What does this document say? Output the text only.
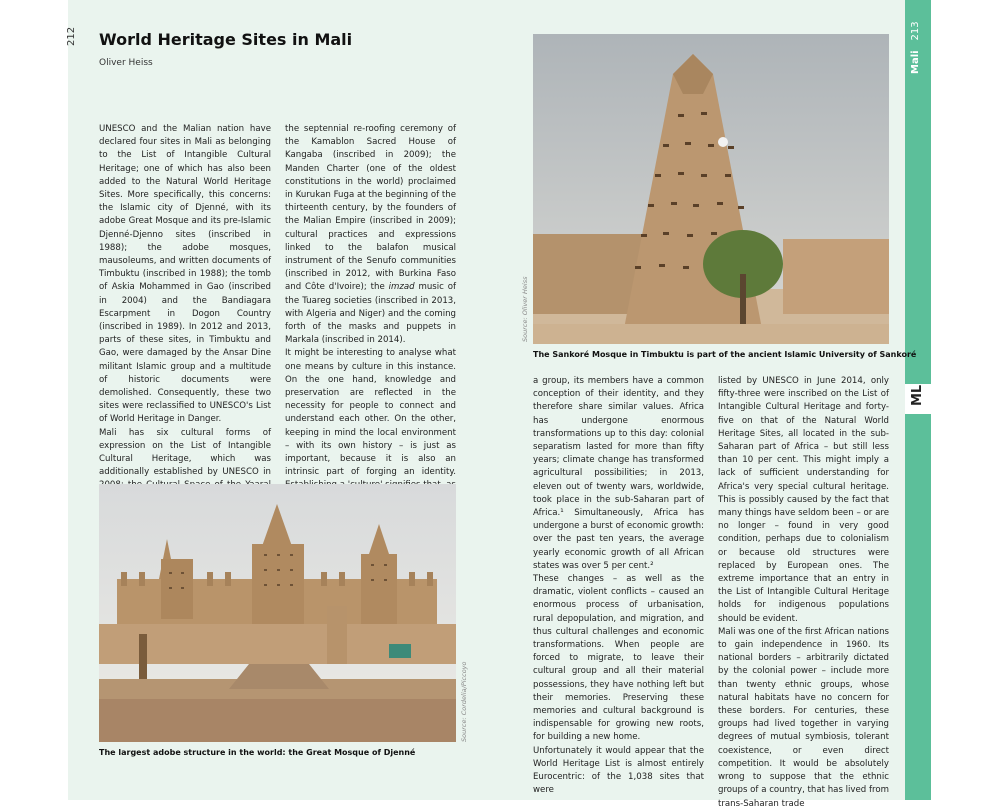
212
Mali213
ML
World Heritage Sites in Mali
Oliver Heiss

UNESCO and the Malian nation have declared four sites in Mali as belonging to the List of Intangible Cultural Heritage; one of which has also been added to the Natural World Heritage Sites. More specifically, this concerns: the Islamic city of Djenné, with its adobe Great Mosque and its pre-Islamic Djenné-Djenno sites (inscribed in 1988); the adobe mosques, mausoleums, and written documents of Timbuktu (inscribed in 1988); the tomb of Askia Mohammed in Gao (inscribed in 2004) and the Bandiagara Escarpment in Dogon Country (inscribed in 1989). In 2012 and 2013, parts of these sites, in Timbuktu and Gao, were damaged by the Ansar Dine militant Islamic group and a multitude of historic documents were demolished. Consequently, these two sites were reclassified to UNESCO's List of World Heritage in Danger.

Mali has six cultural forms of expression on the List of Intangible Cultural Heritage, which was additionally established by UNESCO in

the septennial re-roofing ceremony of the Kamablon Sacred House of Kangaba (inscribed in 2009); the Manden Charter (one of the oldest constitutions in the world) proclaimed in Kurukan Fuga at the beginning of the thirteenth century, by the founders of the Malian Empire (inscribed in 2009); cultural practices and expressions linked to the balafon musical instrument of the Senufo communities (inscribed in 2012, with Burkina Faso and Côte d'Ivoire); the imzad music of the Tuareg societies (inscribed in 2013, with Algeria and Niger) and the coming forth of the masks and puppets in Markala (inscribed in 2014).

It might be interesting to analyse what one means by culture in this instance. On the one hand, knowledge and preservation are reflected in the necessity for people to connect and understand each other. On the other, keeping in mind the local environment – with its own history – is just as important, because it is also an intrinsic part of forging an identity.

The largest adobe structure in the world: the Great Mosque of Djenné
Source: Cordelia/Piccoyo
The Sankoré Mosque in Timbuktu is part of the ancient Islamic University of Sankoré
Source: Oliver Heiss

a group, its members have a common conception of their identity, and they therefore share similar values. Africa has undergone enormous transformations up to this day: colonial separatism lasted for more than fifty years; climate change has transformed agricultural possibilities; in 2013, eleven out of twenty wars, worldwide, took place in the sub-Saharan part of Africa.¹ Simultaneously, Africa has undergone a burst of economic growth: over the past ten years, the average yearly economic growth of all African states was over 5 per cent.²

These changes – as well as the dramatic, violent conflicts – caused an enormous process of urbanisation, rural depopulation, and migration, and thus cultural challenges and economic transformations. When people are forced to migrate, to leave their cultural group and all their material possessions, they have nothing left but their memories. Preserving these memories and cultural background is indispensable for growing new roots, for building a new home.

Unfortunately it would appear that the World Heritage List is almost entirely Eurocentric: of the 1,038 sites that were

listed by UNESCO in June 2014, only fifty-three were inscribed on the List of Intangible Cultural Heritage and forty-five on that of the Natural World Heritage Sites, all located in the sub-Saharan part of Africa – but still less than 10 per cent. This might imply a lack of sufficient understanding for Africa's very special cultural heritage. This is possibly caused by the fact that many things have seldom been – or are no longer – found in very good condition, perhaps due to colonialism or because old structures were replaced by European ones. The extreme importance that an entry in the List of Intangible Cultural Heritage holds for indigenous populations should be evident.

Mali was one of the first African nations to gain independence in 1960. Its national borders – arbitrarily dictated by the colonial power – include more than twenty ethnic groups, whose natural habitats have no concern for these borders. For centuries, these groups had lived together in varying degrees of mutual symbiosis, tolerant coexistence, or even direct competition. It would be absolutely wrong to suppose that the ethnic groups of a country, that has lived from trans-Saharan trade
